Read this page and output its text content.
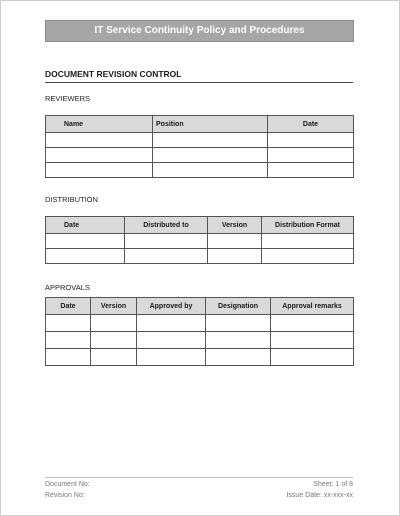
IT Service Continuity Policy and Procedures
DOCUMENT REVISION CONTROL
REVIEWERS
Name	Position	Date

DISTRIBUTION
Date	Distributed to	Version	Distribution Format

APPROVALS
Date	Version	Approved by	Designation	Approval remarks

Document No:
Revision No:
Sheet: 1 of 8
Issue Date: xx-xxx-xx
